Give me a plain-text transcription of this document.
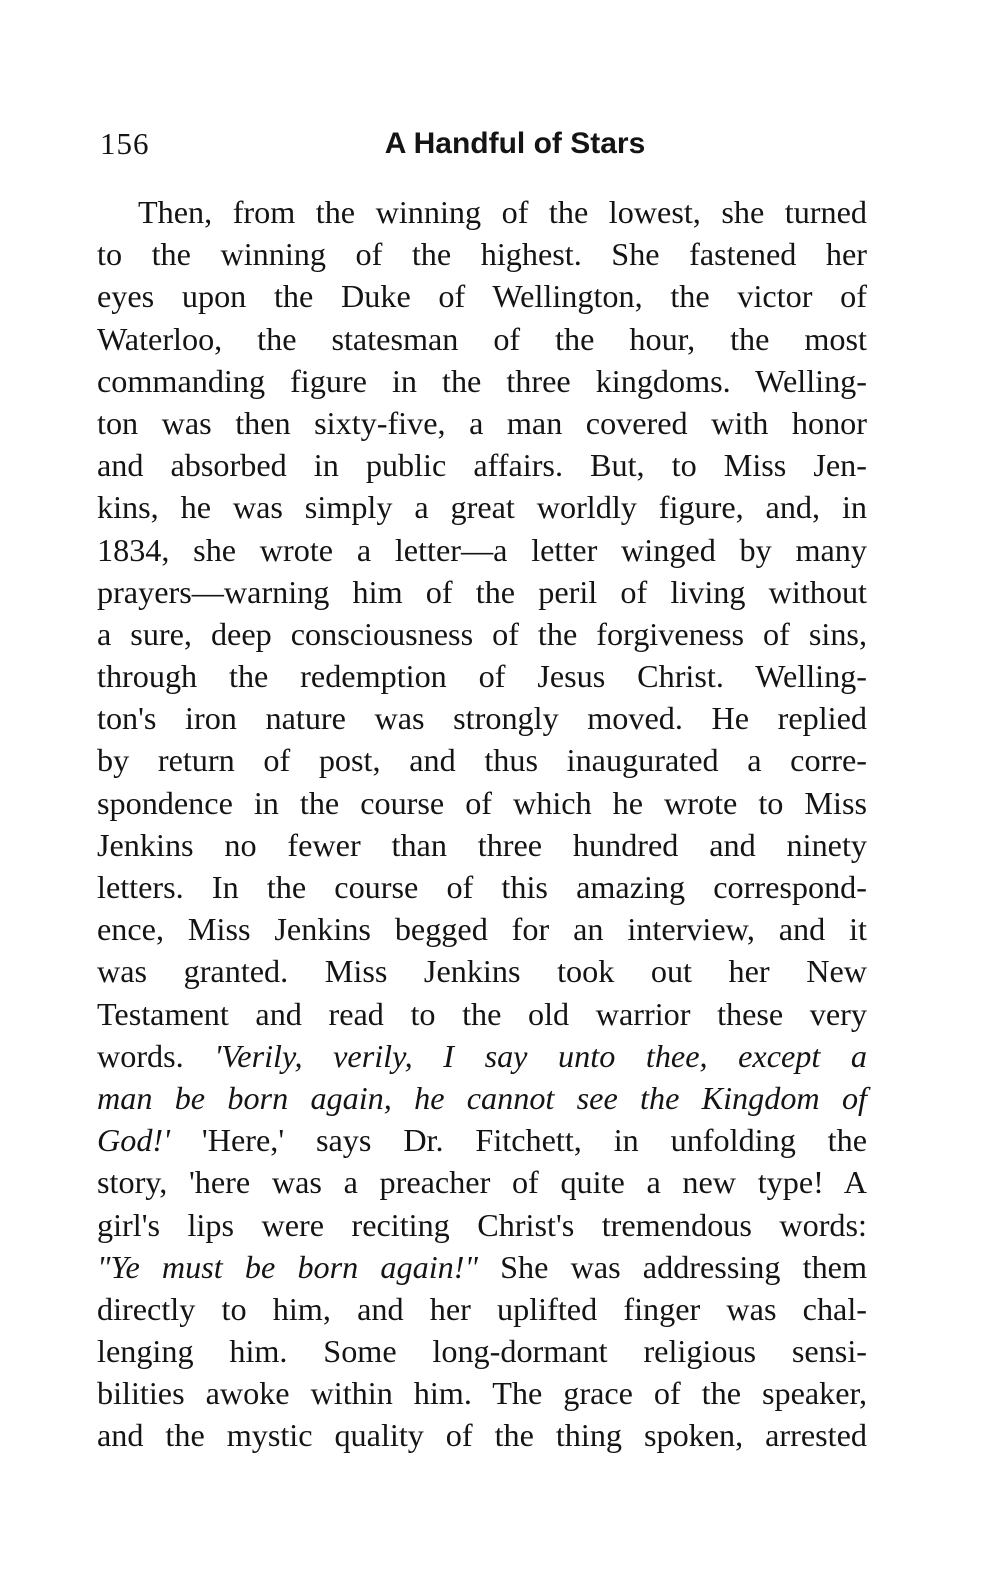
156	A Handful of Stars
Then, from the winning of the lowest, she turned
to the winning of the highest. She fastened her
eyes upon the Duke of Wellington, the victor of
Waterloo, the statesman of the hour, the most
commanding figure in the three kingdoms. Welling-
ton was then sixty-five, a man covered with honor
and absorbed in public affairs. But, to Miss Jen-
kins, he was simply a great worldly figure, and, in
1834, she wrote a letter—a letter winged by many
prayers—warning him of the peril of living without
a sure, deep consciousness of the forgiveness of sins,
through the redemption of Jesus Christ. Welling-
ton's iron nature was strongly moved. He replied
by return of post, and thus inaugurated a corre-
spondence in the course of which he wrote to Miss
Jenkins no fewer than three hundred and ninety
letters. In the course of this amazing correspond-
ence, Miss Jenkins begged for an interview, and it
was granted. Miss Jenkins took out her New
Testament and read to the old warrior these very
words. 'Verily, verily, I say unto thee, except a
man be born again, he cannot see the Kingdom of
God!' 'Here,' says Dr. Fitchett, in unfolding the
story, 'here was a preacher of quite a new type! A
girl's lips were reciting Christ's tremendous words:
"Ye must be born again!" She was addressing them
directly to him, and her uplifted finger was chal-
lenging him. Some long-dormant religious sensi-
bilities awoke within him. The grace of the speaker,
and the mystic quality of the thing spoken, arrested
